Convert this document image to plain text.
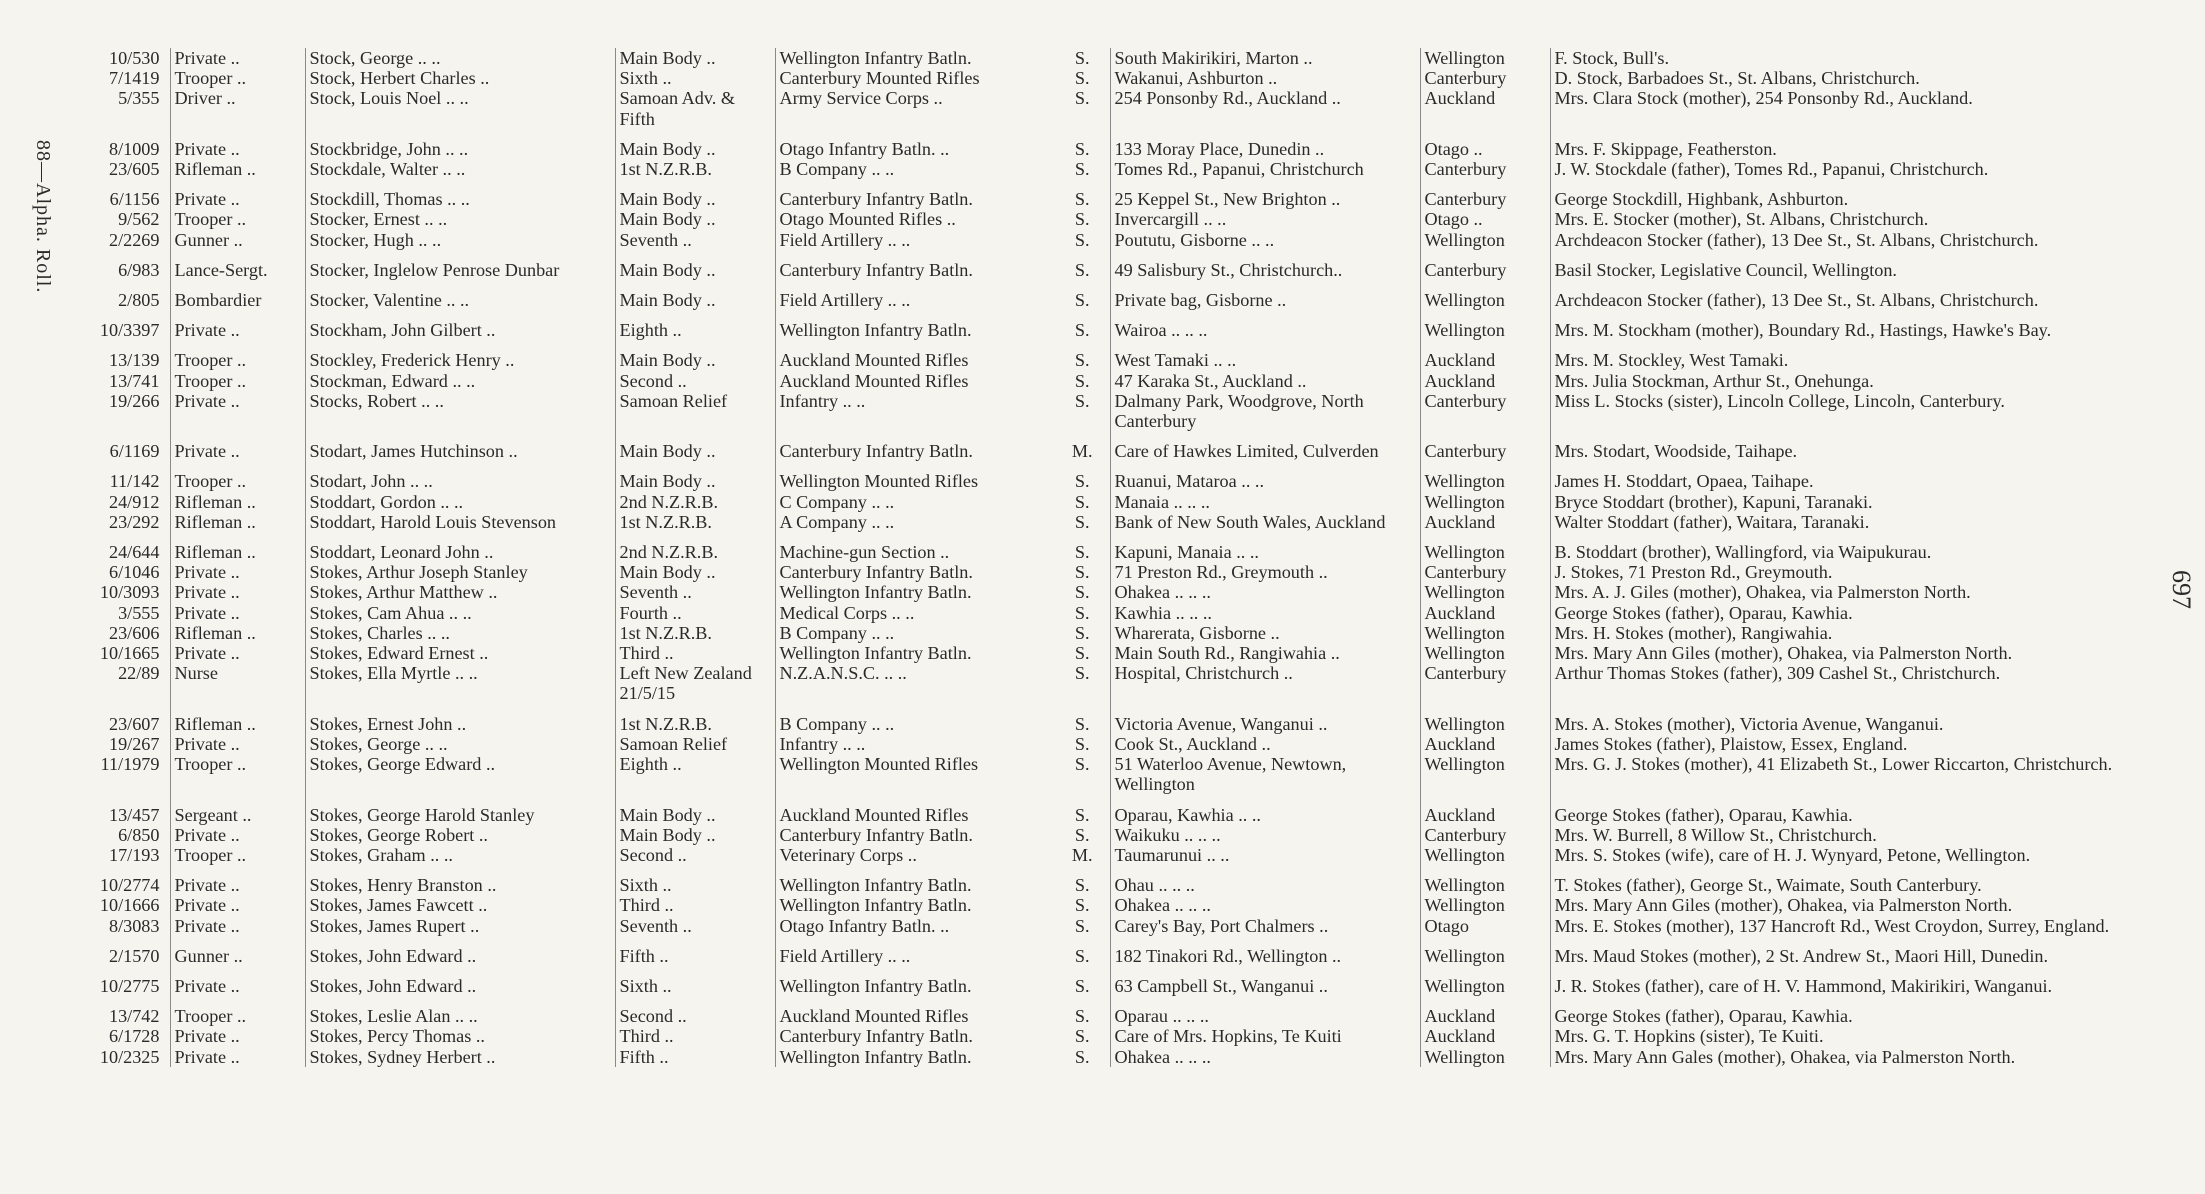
88—Alpha. Roll.
697
10/530	Private ..	Stock, George .. ..	Main Body ..	Wellington Infantry Batln.	S.	South Makirikiri, Marton ..	Wellington	F. Stock, Bull's.
7/1419	Trooper ..	Stock, Herbert Charles ..	Sixth ..	Canterbury Mounted Rifles	S.	Wakanui, Ashburton ..	Canterbury	D. Stock, Barbadoes St., St. Albans, Christchurch.
5/355	Driver ..	Stock, Louis Noel .. ..	Samoan Adv. & Fifth	Army Service Corps ..	S.	254 Ponsonby Rd., Auckland ..	Auckland	Mrs. Clara Stock (mother), 254 Ponsonby Rd., Auckland.
8/1009	Private ..	Stockbridge, John .. ..	Main Body ..	Otago Infantry Batln. ..	S.	133 Moray Place, Dunedin ..	Otago ..	Mrs. F. Skippage, Featherston.
23/605	Rifleman ..	Stockdale, Walter .. ..	1st N.Z.R.B.	B Company .. ..	S.	Tomes Rd., Papanui, Christchurch	Canterbury	J. W. Stockdale (father), Tomes Rd., Papanui, Christchurch.
6/1156	Private ..	Stockdill, Thomas .. ..	Main Body ..	Canterbury Infantry Batln.	S.	25 Keppel St., New Brighton ..	Canterbury	George Stockdill, Highbank, Ashburton.
9/562	Trooper ..	Stocker, Ernest .. ..	Main Body ..	Otago Mounted Rifles ..	S.	Invercargill .. ..	Otago ..	Mrs. E. Stocker (mother), St. Albans, Christchurch.
2/2269	Gunner ..	Stocker, Hugh .. ..	Seventh ..	Field Artillery .. ..	S.	Poututu, Gisborne .. ..	Wellington	Archdeacon Stocker (father), 13 Dee St., St. Albans, Christchurch.
6/983	Lance-Sergt.	Stocker, Inglelow Penrose Dunbar	Main Body ..	Canterbury Infantry Batln.	S.	49 Salisbury St., Christchurch..	Canterbury	Basil Stocker, Legislative Council, Wellington.
2/805	Bombardier	Stocker, Valentine .. ..	Main Body ..	Field Artillery .. ..	S.	Private bag, Gisborne ..	Wellington	Archdeacon Stocker (father), 13 Dee St., St. Albans, Christchurch.
10/3397	Private ..	Stockham, John Gilbert ..	Eighth ..	Wellington Infantry Batln.	S.	Wairoa .. .. ..	Wellington	Mrs. M. Stockham (mother), Boundary Rd., Hastings, Hawke's Bay.
13/139	Trooper ..	Stockley, Frederick Henry ..	Main Body ..	Auckland Mounted Rifles	S.	West Tamaki .. ..	Auckland	Mrs. M. Stockley, West Tamaki.
13/741	Trooper ..	Stockman, Edward .. ..	Second ..	Auckland Mounted Rifles	S.	47 Karaka St., Auckland ..	Auckland	Mrs. Julia Stockman, Arthur St., Onehunga.
19/266	Private ..	Stocks, Robert .. ..	Samoan Relief	Infantry .. ..	S.	Dalmany Park, Woodgrove, North Canterbury	Canterbury	Miss L. Stocks (sister), Lincoln College, Lincoln, Canterbury.
6/1169	Private ..	Stodart, James Hutchinson ..	Main Body ..	Canterbury Infantry Batln.	M.	Care of Hawkes Limited, Culverden	Canterbury	Mrs. Stodart, Woodside, Taihape.
11/142	Trooper ..	Stodart, John .. ..	Main Body ..	Wellington Mounted Rifles	S.	Ruanui, Mataroa .. ..	Wellington	James H. Stoddart, Opaea, Taihape.
24/912	Rifleman ..	Stoddart, Gordon .. ..	2nd N.Z.R.B.	C Company .. ..	S.	Manaia .. .. ..	Wellington	Bryce Stoddart (brother), Kapuni, Taranaki.
23/292	Rifleman ..	Stoddart, Harold Louis Stevenson	1st N.Z.R.B.	A Company .. ..	S.	Bank of New South Wales, Auckland	Auckland	Walter Stoddart (father), Waitara, Taranaki.
24/644	Rifleman ..	Stoddart, Leonard John ..	2nd N.Z.R.B.	Machine-gun Section ..	S.	Kapuni, Manaia .. ..	Wellington	B. Stoddart (brother), Wallingford, via Waipukurau.
6/1046	Private ..	Stokes, Arthur Joseph Stanley	Main Body ..	Canterbury Infantry Batln.	S.	71 Preston Rd., Greymouth ..	Canterbury	J. Stokes, 71 Preston Rd., Greymouth.
10/3093	Private ..	Stokes, Arthur Matthew ..	Seventh ..	Wellington Infantry Batln.	S.	Ohakea .. .. ..	Wellington	Mrs. A. J. Giles (mother), Ohakea, via Palmerston North.
3/555	Private ..	Stokes, Cam Ahua .. ..	Fourth ..	Medical Corps .. ..	S.	Kawhia .. .. ..	Auckland	George Stokes (father), Oparau, Kawhia.
23/606	Rifleman ..	Stokes, Charles .. ..	1st N.Z.R.B.	B Company .. ..	S.	Wharerata, Gisborne ..	Wellington	Mrs. H. Stokes (mother), Rangiwahia.
10/1665	Private ..	Stokes, Edward Ernest ..	Third ..	Wellington Infantry Batln.	S.	Main South Rd., Rangiwahia ..	Wellington	Mrs. Mary Ann Giles (mother), Ohakea, via Palmerston North.
22/89	Nurse	Stokes, Ella Myrtle .. ..	Left New Zealand 21/5/15	N.Z.A.N.S.C. .. ..	S.	Hospital, Christchurch ..	Canterbury	Arthur Thomas Stokes (father), 309 Cashel St., Christchurch.
23/607	Rifleman ..	Stokes, Ernest John ..	1st N.Z.R.B.	B Company .. ..	S.	Victoria Avenue, Wanganui ..	Wellington	Mrs. A. Stokes (mother), Victoria Avenue, Wanganui.
19/267	Private ..	Stokes, George .. ..	Samoan Relief	Infantry .. ..	S.	Cook St., Auckland ..	Auckland	James Stokes (father), Plaistow, Essex, England.
11/1979	Trooper ..	Stokes, George Edward ..	Eighth ..	Wellington Mounted Rifles	S.	51 Waterloo Avenue, Newtown, Wellington	Wellington	Mrs. G. J. Stokes (mother), 41 Elizabeth St., Lower Riccarton, Christchurch.
13/457	Sergeant ..	Stokes, George Harold Stanley	Main Body ..	Auckland Mounted Rifles	S.	Oparau, Kawhia .. ..	Auckland	George Stokes (father), Oparau, Kawhia.
6/850	Private ..	Stokes, George Robert ..	Main Body ..	Canterbury Infantry Batln.	S.	Waikuku .. .. ..	Canterbury	Mrs. W. Burrell, 8 Willow St., Christchurch.
17/193	Trooper ..	Stokes, Graham .. ..	Second ..	Veterinary Corps ..	M.	Taumarunui .. ..	Wellington	Mrs. S. Stokes (wife), care of H. J. Wynyard, Petone, Wellington.
10/2774	Private ..	Stokes, Henry Branston ..	Sixth ..	Wellington Infantry Batln.	S.	Ohau .. .. ..	Wellington	T. Stokes (father), George St., Waimate, South Canterbury.
10/1666	Private ..	Stokes, James Fawcett ..	Third ..	Wellington Infantry Batln.	S.	Ohakea .. .. ..	Wellington	Mrs. Mary Ann Giles (mother), Ohakea, via Palmerston North.
8/3083	Private ..	Stokes, James Rupert ..	Seventh ..	Otago Infantry Batln. ..	S.	Carey's Bay, Port Chalmers ..	Otago	Mrs. E. Stokes (mother), 137 Hancroft Rd., West Croydon, Surrey, England.
2/1570	Gunner ..	Stokes, John Edward ..	Fifth ..	Field Artillery .. ..	S.	182 Tinakori Rd., Wellington ..	Wellington	Mrs. Maud Stokes (mother), 2 St. Andrew St., Maori Hill, Dunedin.
10/2775	Private ..	Stokes, John Edward ..	Sixth ..	Wellington Infantry Batln.	S.	63 Campbell St., Wanganui ..	Wellington	J. R. Stokes (father), care of H. V. Hammond, Makirikiri, Wanganui.
13/742	Trooper ..	Stokes, Leslie Alan .. ..	Second ..	Auckland Mounted Rifles	S.	Oparau .. .. ..	Auckland	George Stokes (father), Oparau, Kawhia.
6/1728	Private ..	Stokes, Percy Thomas ..	Third ..	Canterbury Infantry Batln.	S.	Care of Mrs. Hopkins, Te Kuiti	Auckland	Mrs. G. T. Hopkins (sister), Te Kuiti.
10/2325	Private ..	Stokes, Sydney Herbert ..	Fifth ..	Wellington Infantry Batln.	S.	Ohakea .. .. ..	Wellington	Mrs. Mary Ann Gales (mother), Ohakea, via Palmerston North.
